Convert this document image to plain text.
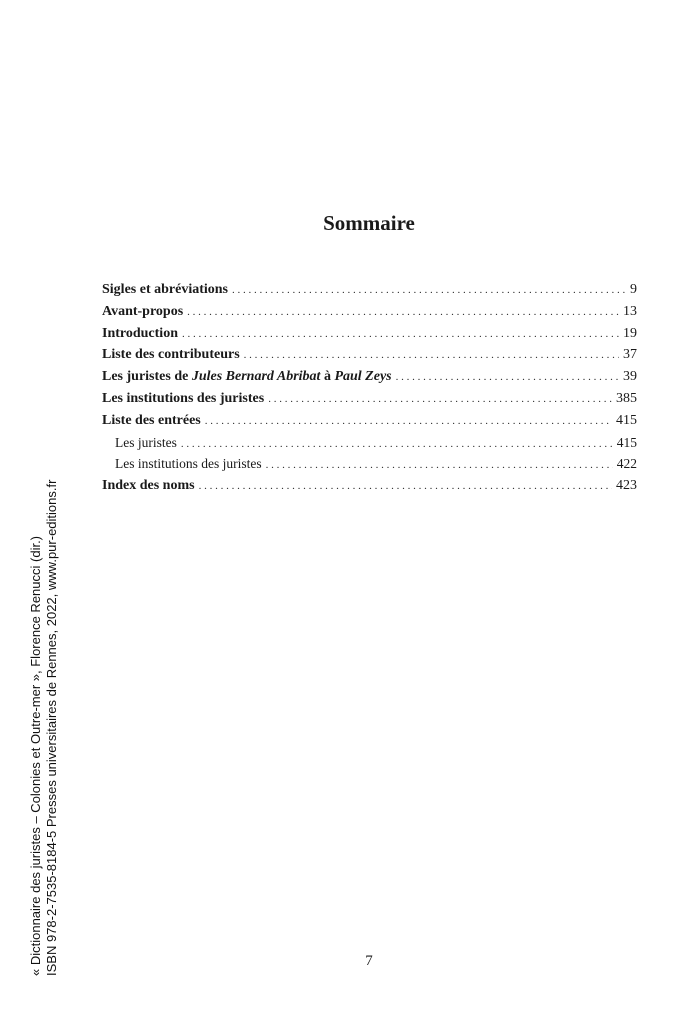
Sommaire
Sigles et abréviations . . .	9
Avant-propos . . .	13
Introduction . . .	19
Liste des contributeurs . . .	37
Les juristes de Jules Bernard Abribat à Paul Zeys . . .	39
Les institutions des juristes . . .	385
Liste des entrées . . .	415
Les juristes . . .	415
Les institutions des juristes . . .	422
Index des noms . . .	423
« Dictionnaire des juristes – Colonies et Outre-mer », Florence Renucci (dir.) ISBN 978-2-7535-8184-5 Presses universitaires de Rennes, 2022, www.pur-editions.fr	7
